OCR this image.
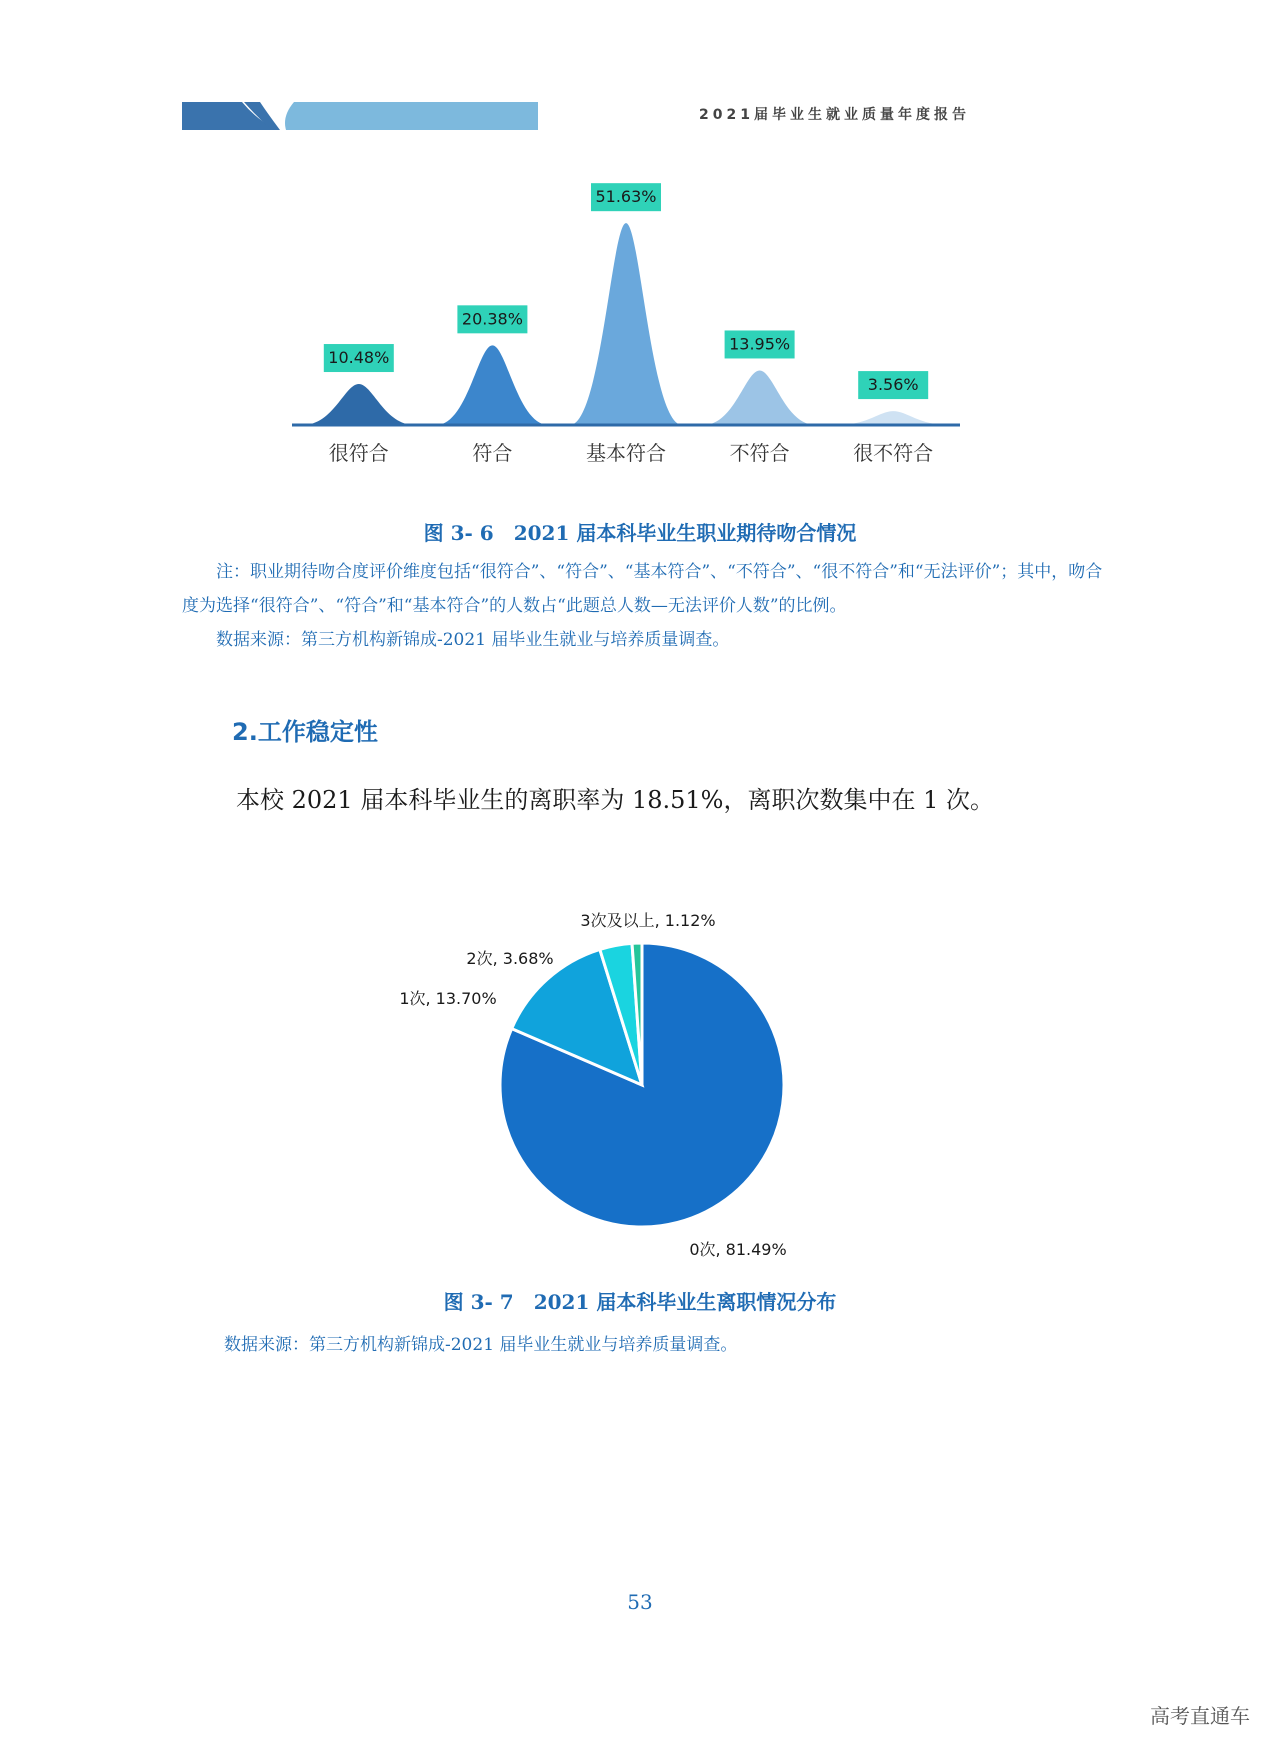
2021届毕业生就业质量年度报告
10.48%
很符合
20.38%
符合
51.63%
基本符合
13.95%
不符合
3.56%
很不符合
图 3- 6　2021 届本科毕业生职业期待吻合情况

注：职业期待吻合度评价维度包括“很符合”、“符合”、“基本符合”、“不符合”、“很不符合”和“无法评价”；其中，吻合度为选择“很符合”、“符合”和“基本符合”的人数占“此题总人数—无法评价人数”的比例。

数据来源：第三方机构新锦成-2021 届毕业生就业与培养质量调查。

2.工作稳定性
本校 2021 届本科毕业生的离职率为 18.51%，离职次数集中在 1 次。
0次, 81.49%
1次, 13.70%
2次, 3.68%
3次及以上, 1.12%
图 3- 7　2021 届本科毕业生离职情况分布
数据来源：第三方机构新锦成-2021 届毕业生就业与培养质量调查。
53
高考直通车
